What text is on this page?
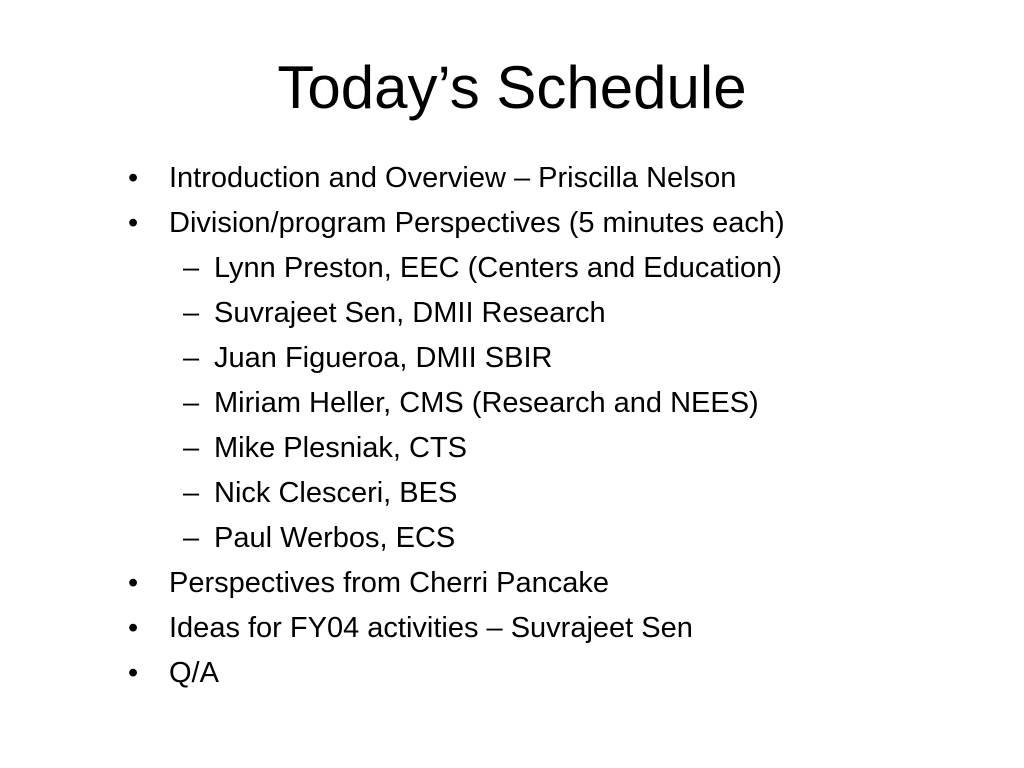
Today’s Schedule
• Introduction and Overview – Priscilla Nelson
• Division/program Perspectives (5 minutes each)
– Lynn Preston, EEC (Centers and Education)
– Suvrajeet Sen, DMII Research
– Juan Figueroa, DMII SBIR
– Miriam Heller, CMS (Research and NEES)
– Mike Plesniak, CTS
– Nick Clesceri, BES
– Paul Werbos, ECS
• Perspectives from Cherri Pancake
• Ideas for FY04 activities – Suvrajeet Sen
• Q/A
